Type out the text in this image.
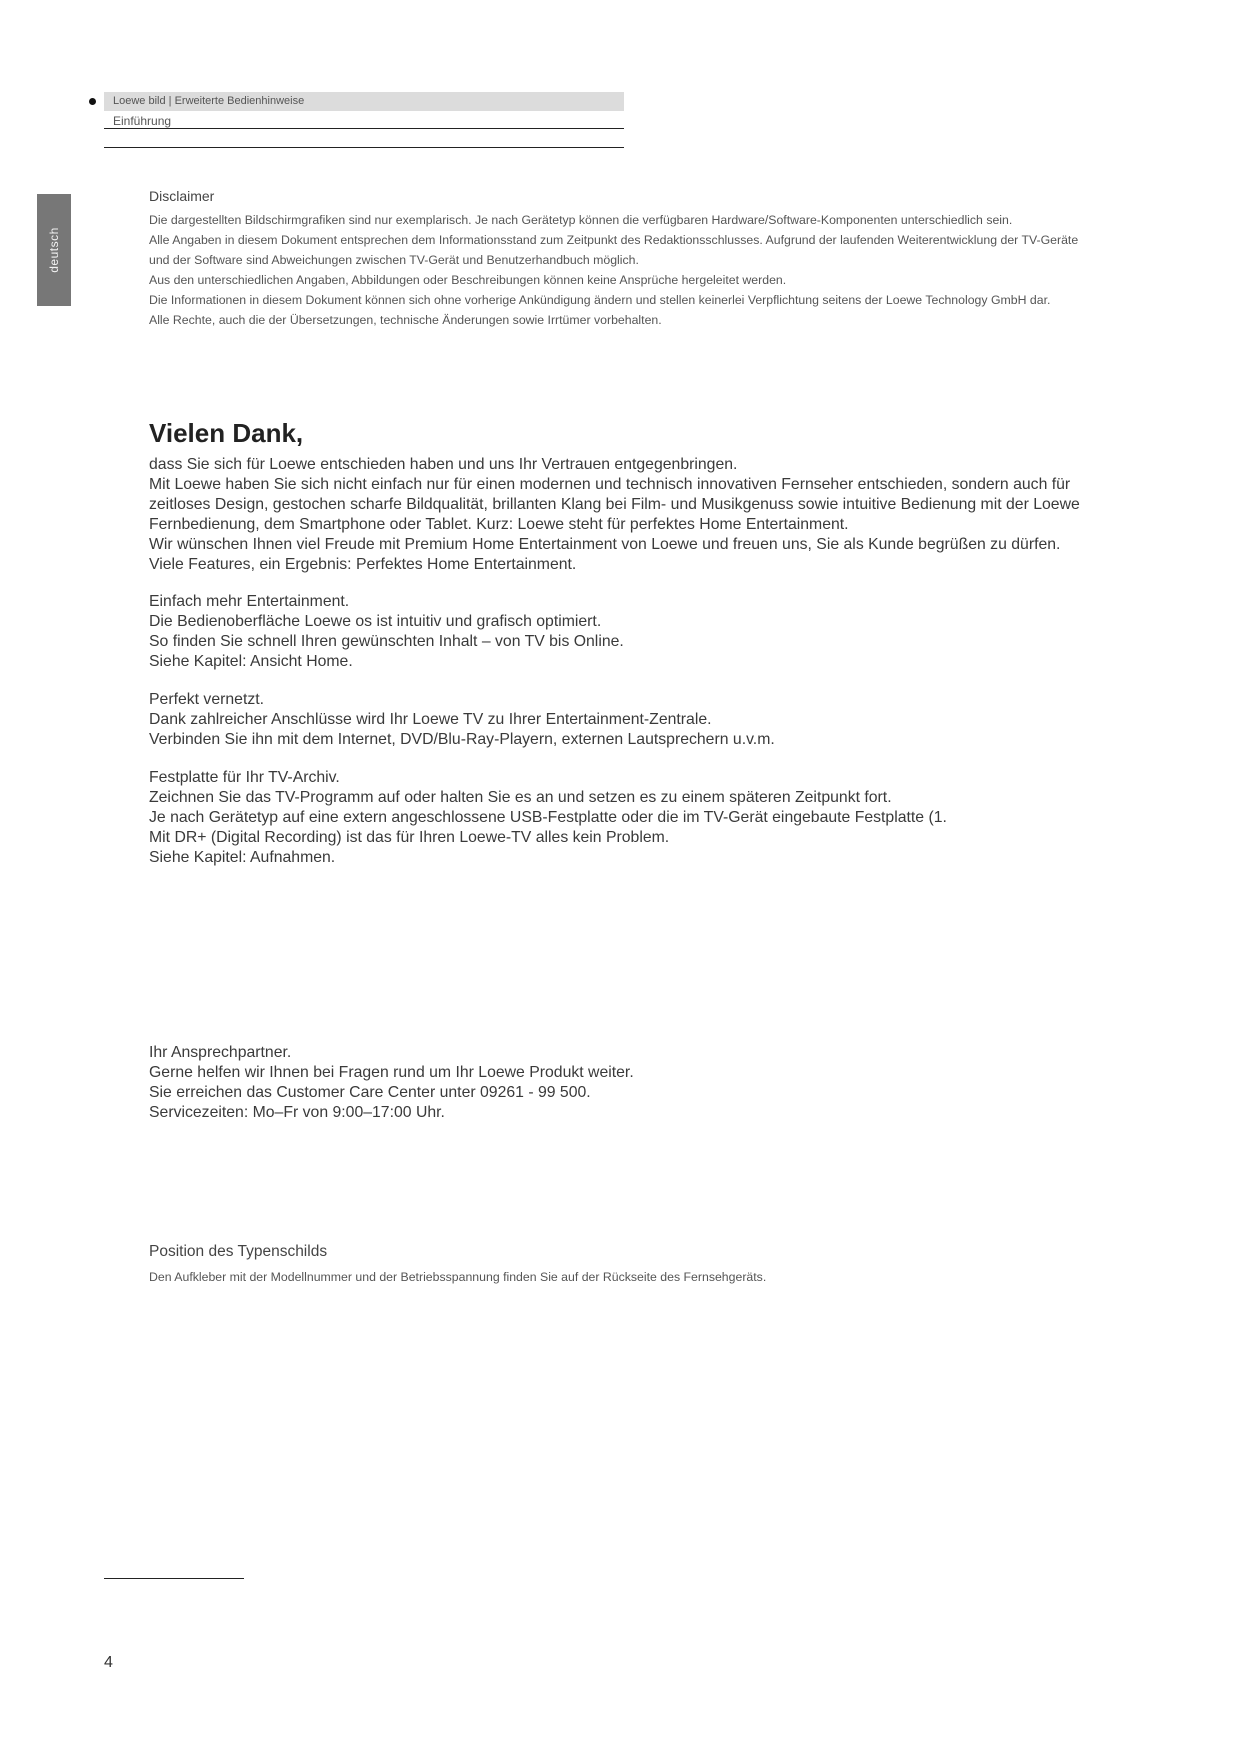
Loewe bild | Erweiterte Bedienhinweise
Einführung
deutsch

Disclaimer

Die dargestellten Bildschirmgrafiken sind nur exemplarisch. Je nach Gerätetyp können die verfügbaren Hardware/Software-Komponenten unterschiedlich sein.

Alle Angaben in diesem Dokument entsprechen dem Informationsstand zum Zeitpunkt des Redaktionsschlusses. Aufgrund der laufenden Weiterentwicklung der TV-Geräte und der Software sind Abweichungen zwischen TV-Gerät und Benutzerhandbuch möglich.

Aus den unterschiedlichen Angaben, Abbildungen oder Beschreibungen können keine Ansprüche hergeleitet werden.

Die Informationen in diesem Dokument können sich ohne vorherige Ankündigung ändern und stellen keinerlei Verpflichtung seitens der Loewe Technology GmbH dar.

Alle Rechte, auch die der Übersetzungen, technische Änderungen sowie Irrtümer vorbehalten.

Vielen Dank,

dass Sie sich für Loewe entschieden haben und uns Ihr Vertrauen entgegenbringen.

Mit Loewe haben Sie sich nicht einfach nur für einen modernen und technisch innovativen Fernseher entschieden, sondern auch für zeitloses Design, gestochen scharfe Bildqualität, brillanten Klang bei Film- und Musikgenuss sowie intuitive Bedienung mit der Loewe Fernbedienung, dem Smartphone oder Tablet. Kurz: Loewe steht für perfektes Home Entertainment.

Wir wünschen Ihnen viel Freude mit Premium Home Entertainment von Loewe und freuen uns, Sie als Kunde begrüßen zu dürfen.

Viele Features, ein Ergebnis: Perfektes Home Entertainment.

Einfach mehr Entertainment.

Die Bedienoberfläche Loewe os ist intuitiv und grafisch optimiert.

So finden Sie schnell Ihren gewünschten Inhalt – von TV bis Online.

Siehe Kapitel: Ansicht Home.

Perfekt vernetzt.

Dank zahlreicher Anschlüsse wird Ihr Loewe TV zu Ihrer Entertainment-Zentrale.

Verbinden Sie ihn mit dem Internet, DVD/Blu-Ray-Playern, externen Lautsprechern u.v.m.

Festplatte für Ihr TV-Archiv.

Zeichnen Sie das TV-Programm auf oder halten Sie es an und setzen es zu einem späteren Zeitpunkt fort.

Je nach Gerätetyp auf eine extern angeschlossene USB-Festplatte oder die im TV-Gerät eingebaute Festplatte (1.

Mit DR+ (Digital Recording) ist das für Ihren Loewe-TV alles kein Problem.

Siehe Kapitel: Aufnahmen.

Ihr Ansprechpartner.

Gerne helfen wir Ihnen bei Fragen rund um Ihr Loewe Produkt weiter.

Sie erreichen das Customer Care Center unter 09261 - 99 500.

Servicezeiten: Mo–Fr von 9:00–17:00 Uhr.

Position des Typenschilds

Den Aufkleber mit der Modellnummer und der Betriebsspannung finden Sie auf der Rückseite des Fernsehgeräts.

4
